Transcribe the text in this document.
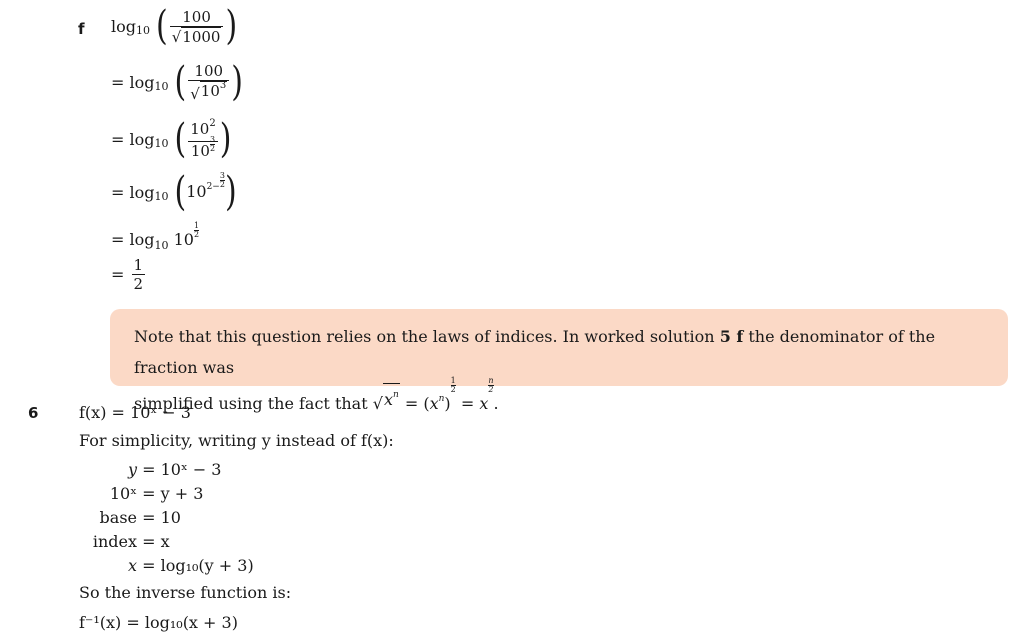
f log 10 ( $\frac{100}{√ 1000}$ )
=
log 10 ( $\frac{100}{√ 10^3}$ )
=
log 10 ( $\frac{10^2}{10 \frac{3}{2}}$ )
=
log 10 ( $10^{2- \frac{3}{2}}$ )
= $\log_{10} 10 \frac{1}{2}$
=
$\frac{1}{2}$
Note that this question relies on the laws of indices. In worked solution 5 f the denominator of the fraction was
simplified using the fact that √ $x^n = (x^n)$
$\frac{1}{2}$
= x
$\frac{n}{2}$
.
6	f(x) = 10ˣ − 3
For simplicity, writing y instead of f(x):
y
= 10ˣ − 3
10ˣ
= y + 3
base
= 10
index
= x
x
= log₁₀(y + 3)
So the inverse function is:
f⁻¹(x) = log₁₀(x + 3)
